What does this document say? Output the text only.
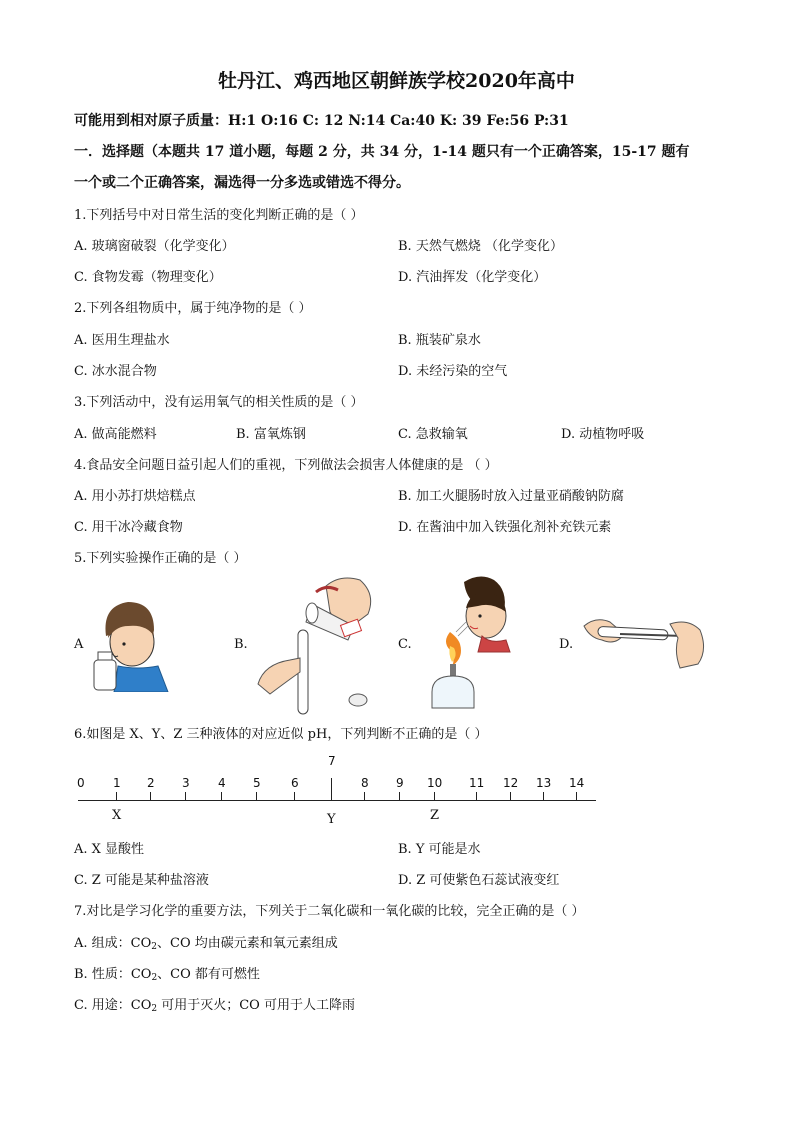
牡丹江、鸡西地区朝鲜族学校2020年高中
可能用到相对原子质量：H:1 O:16 C: 12 N:14 Ca:40 K: 39 Fe:56 P:31
一．选择题（本题共 17 道小题，每题 2 分，共 34 分，1-14 题只有一个正确答案，15-17 题有
一个或二个正确答案，漏选得一分多选或错选不得分。
1.下列括号中对日常生活的变化判断正确的是（ ）
A. 玻璃窗破裂（化学变化）	B. 天然气燃烧 （化学变化）
C. 食物发霉（物理变化）	D. 汽油挥发（化学变化）
2.下列各组物质中，属于纯净物的是（ ）
A. 医用生理盐水	B. 瓶装矿泉水
C. 冰水混合物	D. 未经污染的空气
3.下列活动中，没有运用氧气的相关性质的是（ ）
A. 做高能燃料	B. 富氧炼钢	C. 急救输氧	D. 动植物呼吸
4.食品安全问题日益引起人们的重视，下列做法会损害人体健康的是 （ ）
A. 用小苏打烘焙糕点	B. 加工火腿肠时放入过量亚硝酸钠防腐
C. 用干冰冷藏食物	D. 在酱油中加入铁强化剂补充铁元素
5.下列实验操作正确的是（ ）
A	B.	C.	D.
6.如图是 X、Y、Z 三种液体的对应近似 pH，下列判断不正确的是（ ）
0 1 2 3 4 5	6
7
8 9 10 11 12 13 14
X	Y	Z
A. X 显酸性	B. Y 可能是水
C. Z 可能是某种盐溶液	D. Z 可使紫色石蕊试液变红
7.对比是学习化学的重要方法，下列关于二氧化碳和一氧化碳的比较，完全正确的是（ ）
A. 组成：$CO_2$、CO 均由碳元素和氧元素组成
B. 性质：$CO_2$、CO 都有可燃性
C. 用途：$CO_2$ 可用于灭火；CO 可用于人工降雨
